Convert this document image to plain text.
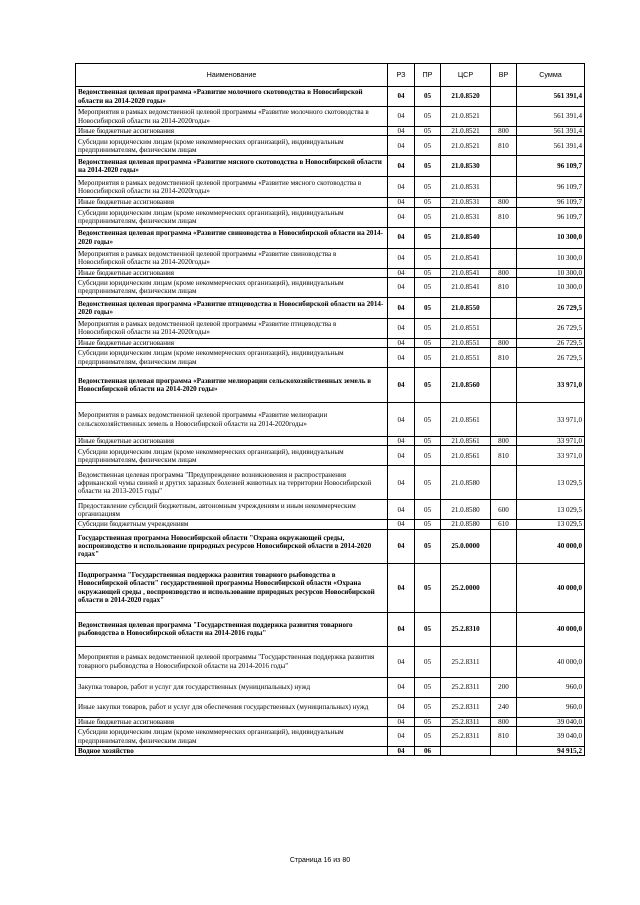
Наименование	РЗ	ПР	ЦСР	ВР	Сумма
Ведомственная целевая программа «Развитие молочного скотоводства в Новосибирской области на 2014-2020 годы»	04	05	21.0.8520		561 391,4
Мероприятия в рамках ведомственной целевой программы «Развитие молочного скотоводства в Новосибирской области на 2014-2020годы»	04	05	21.0.8521		561 391,4
Иные бюджетные ассигнования	04	05	21.0.8521	800	561 391,4
Субсидии юридическим лицам (кроме некоммерческих организаций), индивидуальным предпринимателям, физическим лицам	04	05	21.0.8521	810	561 391,4
Ведомственная целевая программа «Развитие мясного скотоводства в Новосибирской области на 2014-2020 годы»	04	05	21.0.8530		96 109,7
Мероприятия в рамках ведомственной целевой программы «Развитие мясного скотоводства в Новосибирской области на 2014-2020годы»	04	05	21.0.8531		96 109,7
Иные бюджетные ассигнования	04	05	21.0.8531	800	96 109,7
Субсидии юридическим лицам (кроме некоммерческих организаций), индивидуальным предпринимателям, физическим лицам	04	05	21.0.8531	810	96 109,7
Ведомственная целевая программа «Развитие свиноводства в Новосибирской области на 2014-2020 годы»	04	05	21.0.8540		10 300,0
Мероприятия в рамках ведомственной целевой программы «Развитие свиноводства в Новосибирской области на 2014-2020годы»	04	05	21.0.8541		10 300,0
Иные бюджетные ассигнования	04	05	21.0.8541	800	10 300,0
Субсидии юридическим лицам (кроме некоммерческих организаций), индивидуальным предпринимателям, физическим лицам	04	05	21.0.8541	810	10 300,0
Ведомственная целевая программа «Развитие птицеводства в Новосибирской области на 2014-2020 годы»	04	05	21.0.8550		26 729,5
Мероприятия в рамках ведомственной целевой программы «Развитие птицеводства в Новосибирской области на 2014-2020годы»	04	05	21.0.8551		26 729,5
Иные бюджетные ассигнования	04	05	21.0.8551	800	26 729,5
Субсидии юридическим лицам (кроме некоммерческих организаций), индивидуальным предпринимателям, физическим лицам	04	05	21.0.8551	810	26 729,5
Ведомственная целевая программа «Развитие мелиорации сельскохозяйственных земель в Новосибирской области на 2014-2020 годы»	04	05	21.0.8560		33 971,0
Мероприятия в рамках ведомственной целевой программы «Развитие мелиорации сельскохозяйственных земель в Новосибирской области на 2014-2020годы»	04	05	21.0.8561		33 971,0
Иные бюджетные ассигнования	04	05	21.0.8561	800	33 971,0
Субсидии юридическим лицам (кроме некоммерческих организаций), индивидуальным предпринимателям, физическим лицам	04	05	21.0.8561	810	33 971,0
Ведомственная целевая программа "Предупреждение возникновения и распространения африканской чумы свиней и других заразных болезней животных на территории Новосибирской области на 2013-2015 годы"	04	05	21.0.8580		13 029,5
Предоставление субсидий бюджетным, автономным учреждениям и иным некоммерческим организациям	04	05	21.0.8580	600	13 029,5
Субсидии бюджетным учреждениям	04	05	21.0.8580	610	13 029,5
Государственная программа Новосибирской области "Охрана окружающей среды, воспроизводство и использование природных ресурсов Новосибирской области в 2014-2020 годах"	04	05	25.0.0000		40 000,0
Подпрограмма "Государственная поддержка развития товарного рыбоводства в Новосибирской области" государственной программы Новосибирской области «Охрана окружающей среды , воспроизводство и использование природных ресурсов Новосибирской области в 2014-2020 годах"	04	05	25.2.0000		40 000,0
Ведомственная целевая программа "Государственная поддержка развития товарного рыбоводства в Новосибирской области на 2014-2016 годы"	04	05	25.2.8310		40 000,0
Мероприятия в рамках ведомственной целевой программы "Государственная поддержка развития товарного рыбоводства в Новосибирской области на 2014-2016 годы"	04	05	25.2.8311		40 000,0
Закупка товаров, работ и услуг для государственных (муниципальных) нужд	04	05	25.2.8311	200	960,0
Иные закупки товаров, работ и услуг для обеспечения государственных (муниципальных) нужд	04	05	25.2.8311	240	960,0
Иные бюджетные ассигнования	04	05	25.2.8311	800	39 040,0
Субсидии юридическим лицам (кроме некоммерческих организаций), индивидуальным предпринимателям, физическим лицам	04	05	25.2.8311	810	39 040,0
Водное хозяйство	04	06			94 915,2
Страница 16 из 80
